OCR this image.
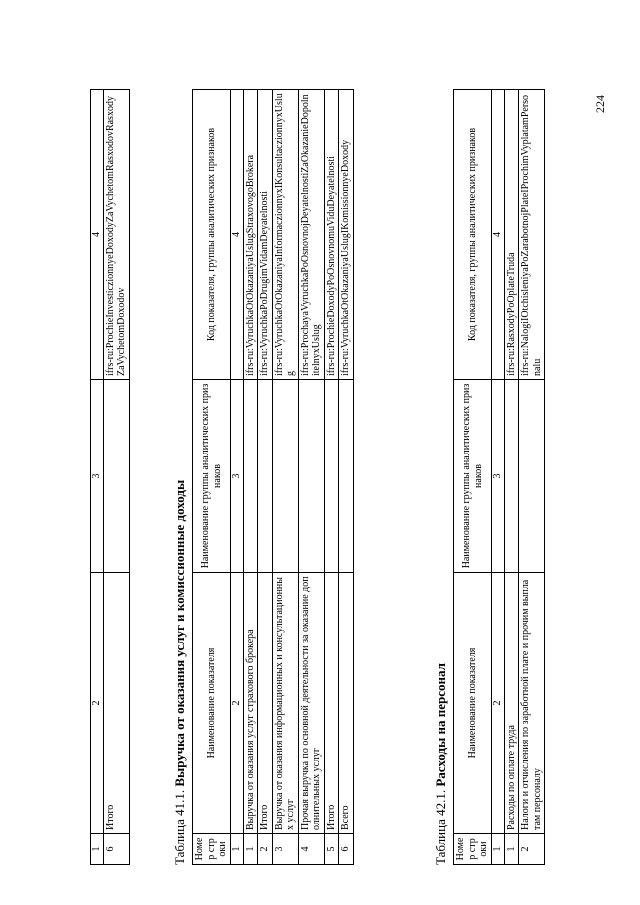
1	2	3	4
6	Итого		ifrs-ru:ProchieInvesticzionnyeDoxodyZaVychetomRasxodovRasxodyZaVychetomDoxodov
Таблица 41.1. Выручка от оказания услуг и комиссионные доходы
Номер строки	Наименование показателя	Наименование группы аналитических признаков	Код показателя, группы аналитических признаков
1	2	3	4
1	Выручка от оказания услуг страхового брокера		ifrs-ru:VyruchkaOtOkazaniyaUslugStraxovogoBrokera
2	Итого		ifrs-ru:VyruchkaPoDrugimVidamDeyatelnosti
3	Выручка от оказания информационных и консультационных услуг		ifrs-ru:VyruchkaOtOkazaniyaInformaczionnyxIKonsultaczionnyxUslug
4	Прочая выручка по основной деятельности за оказание дополнительных услуг		ifrs-ru:ProchayaVyruchkaPoOsnovnojDeyatelnostiZaOkazanieDopolnitelnyxUslug
5	Итого		ifrs-ru:ProchieDoxodyPoOsnovnomuViduDeyatelnosti
6	Всего		ifrs-ru:VyruchkaOtOkazaniyaUslugIKomissionnyeDoxody
Таблица 42.1. Расходы на персонал
Номер строки	Наименование показателя	Наименование группы аналитических признаков	Код показателя, группы аналитических признаков
1	2	3	4
1	Расходы по оплате труда		ifrs-ru:RasxodyPoOplateTruda
2	Налоги и отчисления по заработной плате и прочим выплатам персоналу		ifrs-ru:NalogiIOtchisleniyaPoZarabotnojPlateIProchimVyplatamPersonalu
224
